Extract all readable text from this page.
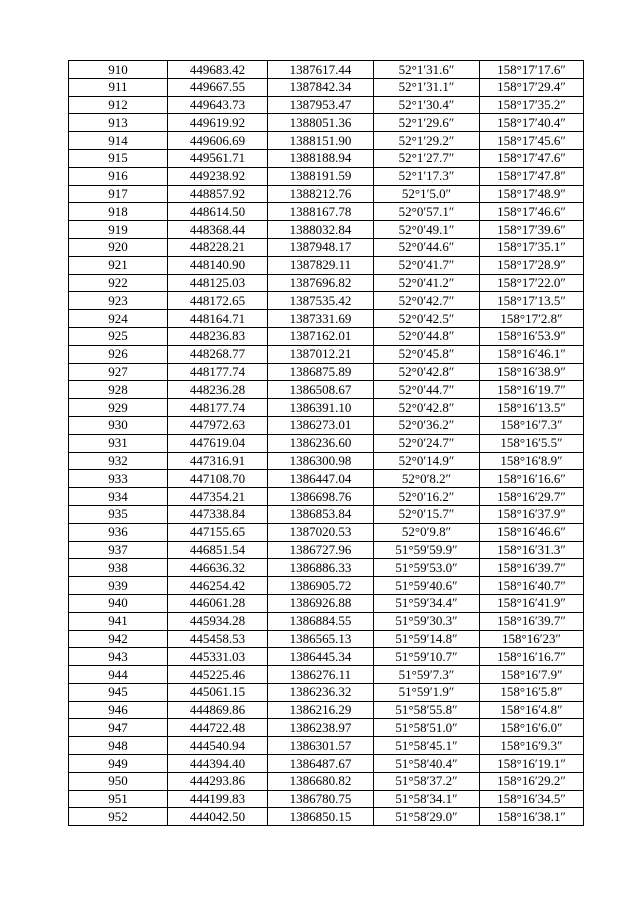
910	449683.42	1387617.44	52°1′31.6″	158°17′17.6″
911	449667.55	1387842.34	52°1′31.1″	158°17′29.4″
912	449643.73	1387953.47	52°1′30.4″	158°17′35.2″
913	449619.92	1388051.36	52°1′29.6″	158°17′40.4″
914	449606.69	1388151.90	52°1′29.2″	158°17′45.6″
915	449561.71	1388188.94	52°1′27.7″	158°17′47.6″
916	449238.92	1388191.59	52°1′17.3″	158°17′47.8″
917	448857.92	1388212.76	52°1′5.0″	158°17′48.9″
918	448614.50	1388167.78	52°0′57.1″	158°17′46.6″
919	448368.44	1388032.84	52°0′49.1″	158°17′39.6″
920	448228.21	1387948.17	52°0′44.6″	158°17′35.1″
921	448140.90	1387829.11	52°0′41.7″	158°17′28.9″
922	448125.03	1387696.82	52°0′41.2″	158°17′22.0″
923	448172.65	1387535.42	52°0′42.7″	158°17′13.5″
924	448164.71	1387331.69	52°0′42.5″	158°17′2.8″
925	448236.83	1387162.01	52°0′44.8″	158°16′53.9″
926	448268.77	1387012.21	52°0′45.8″	158°16′46.1″
927	448177.74	1386875.89	52°0′42.8″	158°16′38.9″
928	448236.28	1386508.67	52°0′44.7″	158°16′19.7″
929	448177.74	1386391.10	52°0′42.8″	158°16′13.5″
930	447972.63	1386273.01	52°0′36.2″	158°16′7.3″
931	447619.04	1386236.60	52°0′24.7″	158°16′5.5″
932	447316.91	1386300.98	52°0′14.9″	158°16′8.9″
933	447108.70	1386447.04	52°0′8.2″	158°16′16.6″
934	447354.21	1386698.76	52°0′16.2″	158°16′29.7″
935	447338.84	1386853.84	52°0′15.7″	158°16′37.9″
936	447155.65	1387020.53	52°0′9.8″	158°16′46.6″
937	446851.54	1386727.96	51°59′59.9″	158°16′31.3″
938	446636.32	1386886.33	51°59′53.0″	158°16′39.7″
939	446254.42	1386905.72	51°59′40.6″	158°16′40.7″
940	446061.28	1386926.88	51°59′34.4″	158°16′41.9″
941	445934.28	1386884.55	51°59′30.3″	158°16′39.7″
942	445458.53	1386565.13	51°59′14.8″	158°16′23″
943	445331.03	1386445.34	51°59′10.7″	158°16′16.7″
944	445225.46	1386276.11	51°59′7.3″	158°16′7.9″
945	445061.15	1386236.32	51°59′1.9″	158°16′5.8″
946	444869.86	1386216.29	51°58′55.8″	158°16′4.8″
947	444722.48	1386238.97	51°58′51.0″	158°16′6.0″
948	444540.94	1386301.57	51°58′45.1″	158°16′9.3″
949	444394.40	1386487.67	51°58′40.4″	158°16′19.1″
950	444293.86	1386680.82	51°58′37.2″	158°16′29.2″
951	444199.83	1386780.75	51°58′34.1″	158°16′34.5″
952	444042.50	1386850.15	51°58′29.0″	158°16′38.1″
